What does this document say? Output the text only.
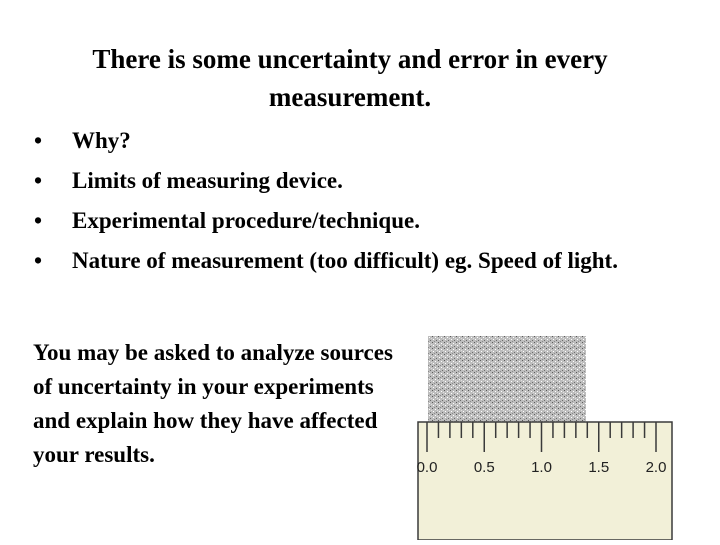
There is some uncertainty and error in every measurement.
• Why?
• Limits of measuring device.
• Experimental procedure/technique.
• Nature of measurement (too difficult) eg. Speed of light.
You may be asked to analyze sources of uncertainty in your experiments and explain how they have affected your results.
0.0 0.5 1.0 1.5 2.0
